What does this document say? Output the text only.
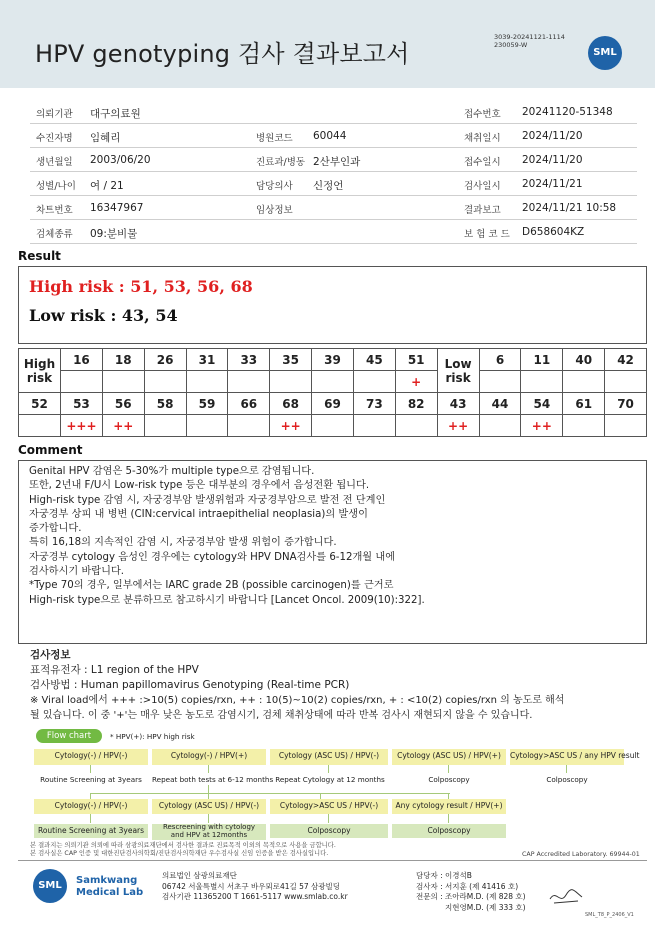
HPV genotyping 검사 결과보고서
3039-20241121-1114
230059-W
SML
의뢰기관 대구의료원	접수번호 20241120-51348
수진자명 임혜리	병원코드 60044	채취일시 2024/11/20
생년월일 2003/06/20	진료과/병동 2산부인과	접수일시 2024/11/20
성별/나이 여 / 21	담당의사 신정언	검사일시 2024/11/21
차트번호 16347967	임상정보	결과보고 2024/11/21 10:58
검체종류 09:분비물	보 험 코 드 D658604KZ
Result
High risk : 51, 53, 56, 68
Low risk : 43, 54
High risk	16	18	26	31	33	35	39	45	51	Low risk	6	11	40	42
									+					
52	53	56	58	59	66	68	69	73	82	43	44	54	61	70
	+++	++				++				++		++		
Comment
Genital HPV 감염은 5-30%가 multiple type으로 감염됩니다.
또한, 2년내 F/U시 Low-risk type 등은 대부분의 경우에서 음성전환 됩니다.
High-risk type 감염 시, 자궁경부암 발생위험과 자궁경부암으로 발전 전 단계인
자궁경부 상피 내 병변 (CIN:cervical intraepithelial neoplasia)의 발생이
증가합니다.
특히 16,18의 지속적인 감염 시, 자궁경부암 발생 위험이 증가합니다.
자궁경부 cytology 음성인 경우에는 cytology와 HPV DNA검사를 6-12개월 내에
검사하시기 바랍니다.
*Type 70의 경우, 일부에서는 IARC grade 2B (possible carcinogen)를 근거로
High-risk type으로 분류하므로 참고하시기 바랍니다 [Lancet Oncol. 2009(10):322].
검사정보
표적유전자 : L1 region of the HPV
검사방법 : Human papillomavirus Genotyping (Real-time PCR)
※ Viral load에서 +++ :>10(5) copies/rxn, ++ : 10(5)~10(2) copies/rxn, + : <10(2) copies/rxn 의 농도로 해석
될 있습니다. 이 중 '+'는 매우 낮은 농도로 감염시기, 검체 채취상태에 따라 반복 검사시 재현되지 않을 수 있습니다.
Flow chart	* HPV(+): HPV high risk
Cytology(-) / HPV(-)	Cytology(-) / HPV(+)	Cytology (ASC US) / HPV(-)	Cytology (ASC US) / HPV(+)	Cytology>ASC US / any HPV result
Routine Screening at 3years	Repeat both tests at 6-12 months Repeat Cytology at 12 months	Colposcopy	Colposcopy
Cytology(-) / HPV(-)	Cytology (ASC US) / HPV(-)	Cytology>ASC US / HPV(-)	Any cytology result / HPV(+)
Routine Screening at 3years	Rescreening with cytology and HPV at 12months	Colposcopy	Colposcopy
본 결과지는 의뢰기관 의뢰에 따라 삼광의료재단에서 검사한 결과로 진료목적 이외의 목적으로 사용을 금합니다.
본 검사실은 CAP 인증 및 대한진단검사의학회/진단검사의학재단 우수검사실 신임 인증을 받은 검사실입니다.	CAP Accredited Laboratory. 69944-01
SML	Samkwang
Medical Lab
의료법인 삼광의료재단
06742 서울특별시 서초구 바우뫼로41길 57 삼광빌딩
검사기관 11365200 T 1661-5117 www.smlab.co.kr
담당자 : 이경석B
검사자 : 서지훈 (제 41416 호)
전문의 : 조아라M.D. (제 828 호)
지현영M.D. (제 333 호)
SML_T8_P_2406_V1
